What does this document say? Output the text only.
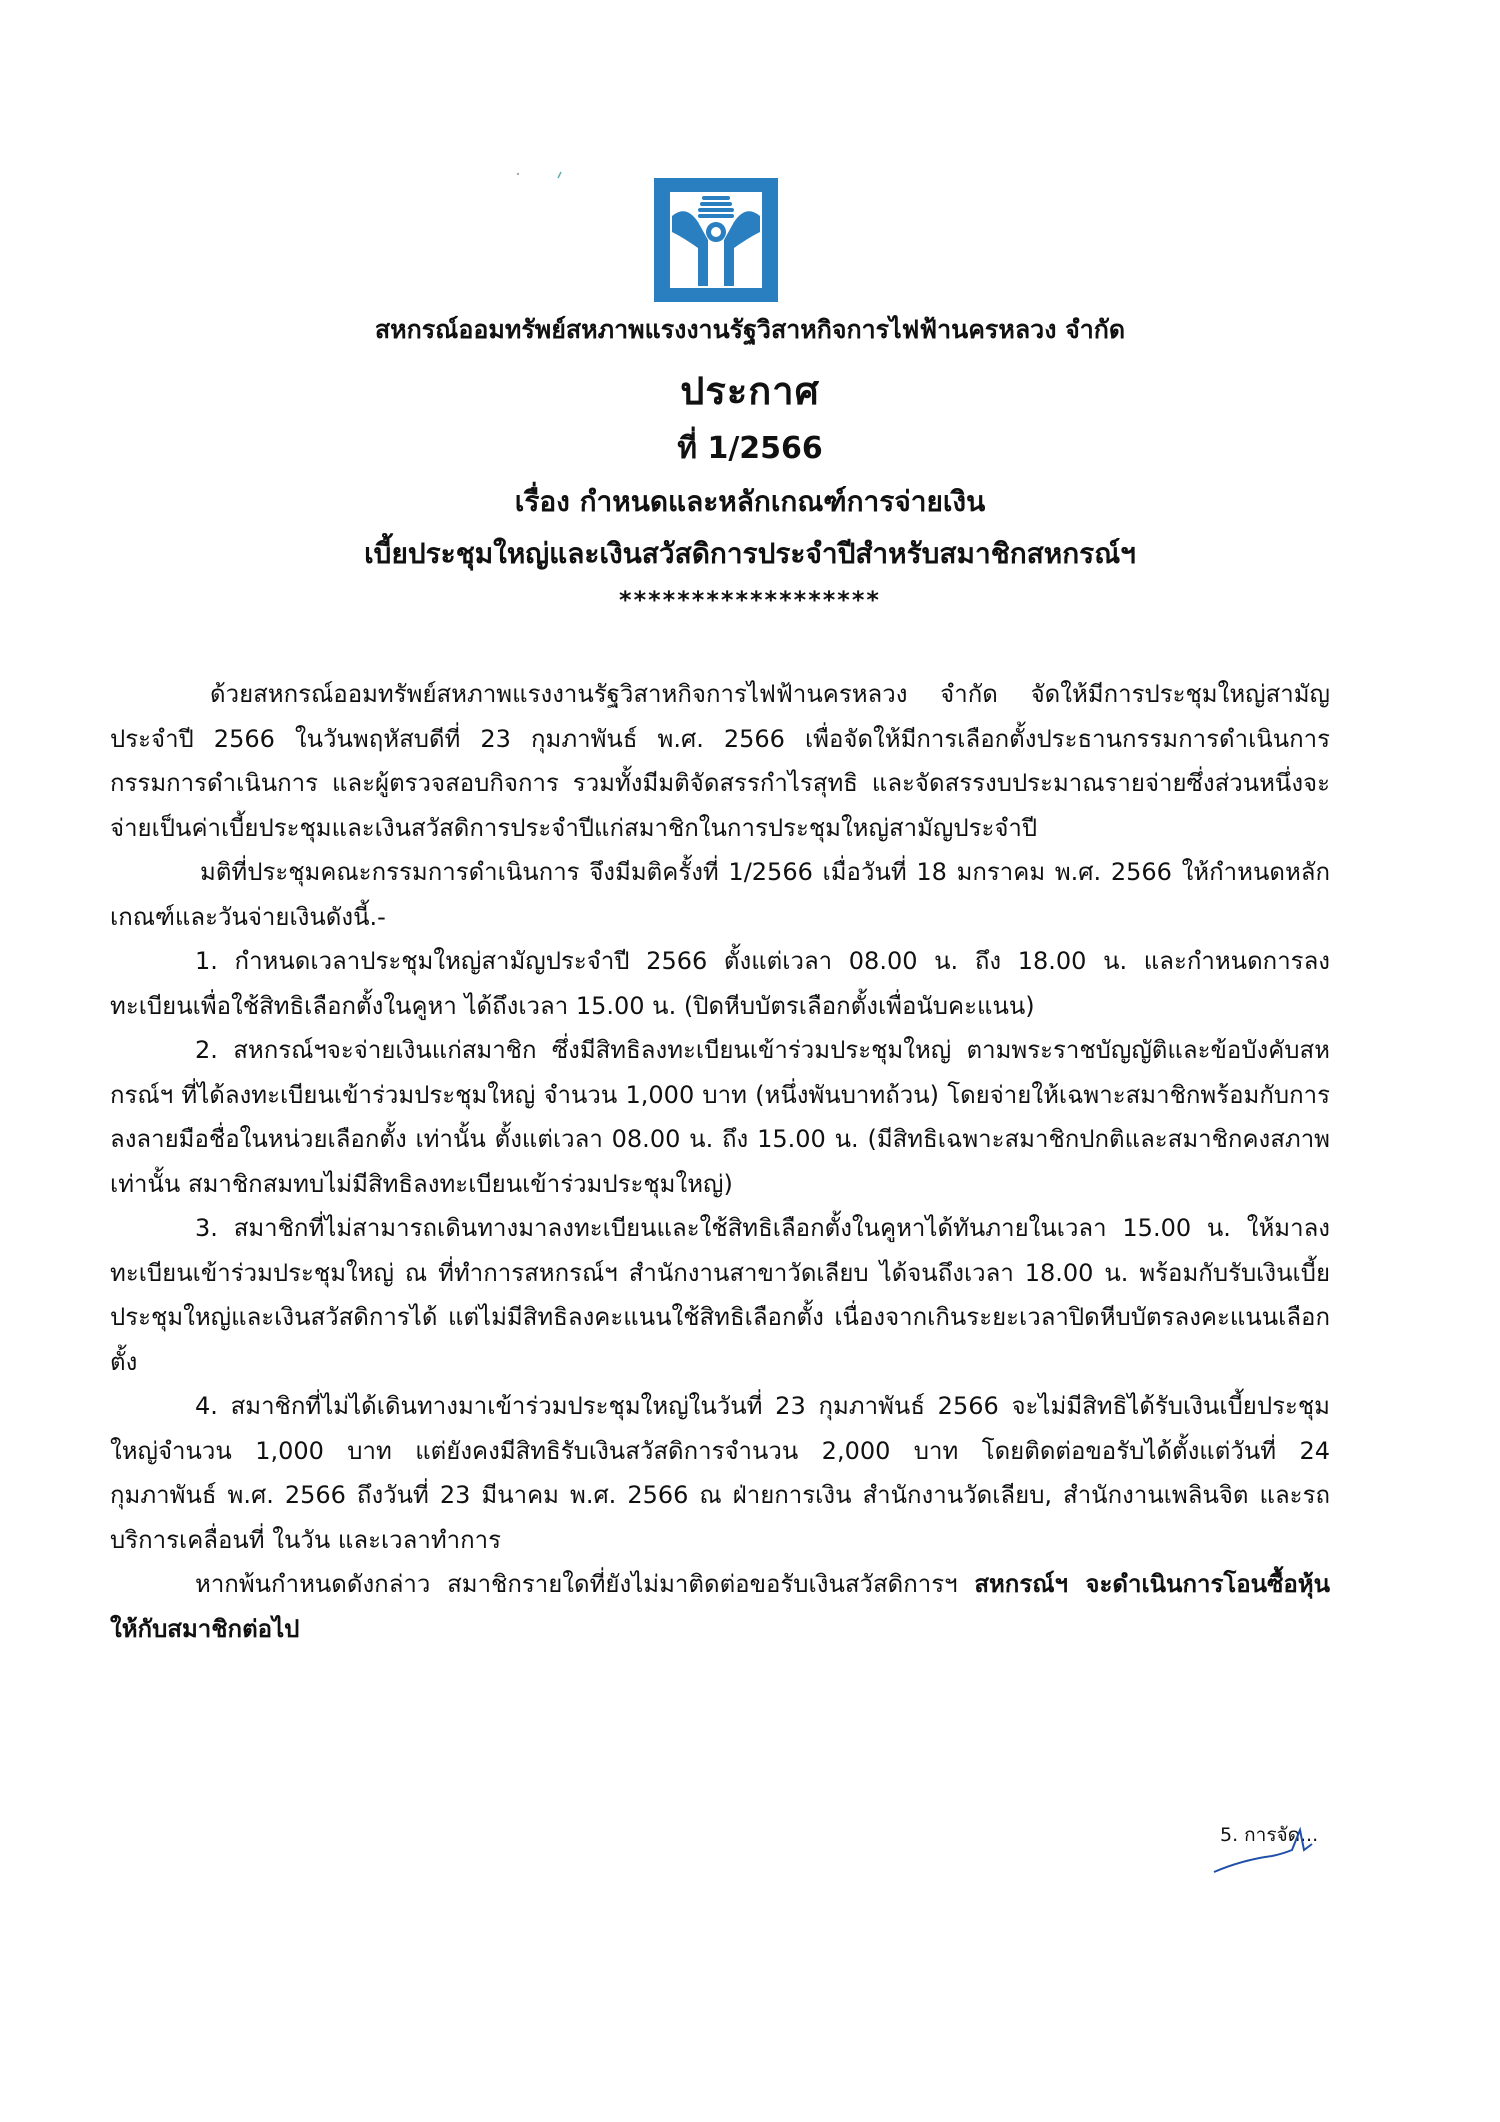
สหกรณ์ออมทรัพย์สหภาพแรงงานรัฐวิสาหกิจการไฟฟ้านครหลวง จำกัด
ประกาศ
ที่ 1/2566
เรื่อง กำหนดและหลักเกณฑ์การจ่ายเงิน
เบี้ยประชุมใหญ่และเงินสวัสดิการประจำปีสำหรับสมาชิกสหกรณ์ฯ
******************

ด้วยสหกรณ์ออมทรัพย์สหภาพแรงงานรัฐวิสาหกิจการไฟฟ้านครหลวง จำกัด จัดให้มีการประชุมใหญ่สามัญประจำปี 2566 ในวันพฤหัสบดีที่ 23 กุมภาพันธ์ พ.ศ. 2566 เพื่อจัดให้มีการเลือกตั้งประธานกรรมการดำเนินการ กรรมการดำเนินการ และผู้ตรวจสอบกิจการ รวมทั้งมีมติจัดสรรกำไรสุทธิ และจัดสรรงบประมาณรายจ่ายซึ่งส่วนหนึ่งจะจ่ายเป็นค่าเบี้ยประชุมและเงินสวัสดิการประจำปีแก่สมาชิกในการประชุมใหญ่สามัญประจำปี

มติที่ประชุมคณะกรรมการดำเนินการ จึงมีมติครั้งที่ 1/2566 เมื่อวันที่ 18 มกราคม พ.ศ. 2566 ให้กำหนดหลักเกณฑ์และวันจ่ายเงินดังนี้.-

1. กำหนดเวลาประชุมใหญ่สามัญประจำปี 2566 ตั้งแต่เวลา 08.00 น. ถึง 18.00 น. และกำหนดการลงทะเบียนเพื่อใช้สิทธิเลือกตั้งในคูหา ได้ถึงเวลา 15.00 น. (ปิดหีบบัตรเลือกตั้งเพื่อนับคะแนน)

2. สหกรณ์ฯจะจ่ายเงินแก่สมาชิก ซึ่งมีสิทธิลงทะเบียนเข้าร่วมประชุมใหญ่ ตามพระราชบัญญัติและข้อบังคับสหกรณ์ฯ ที่ได้ลงทะเบียนเข้าร่วมประชุมใหญ่ จำนวน 1,000 บาท (หนึ่งพันบาทถ้วน) โดยจ่ายให้เฉพาะสมาชิกพร้อมกับการลงลายมือชื่อในหน่วยเลือกตั้ง เท่านั้น ตั้งแต่เวลา 08.00 น. ถึง 15.00 น. (มีสิทธิเฉพาะสมาชิกปกติและสมาชิกคงสภาพเท่านั้น สมาชิกสมทบไม่มีสิทธิลงทะเบียนเข้าร่วมประชุมใหญ่)

3. สมาชิกที่ไม่สามารถเดินทางมาลงทะเบียนและใช้สิทธิเลือกตั้งในคูหาได้ทันภายในเวลา 15.00 น. ให้มาลงทะเบียนเข้าร่วมประชุมใหญ่ ณ ที่ทำการสหกรณ์ฯ สำนักงานสาขาวัดเลียบ ได้จนถึงเวลา 18.00 น. พร้อมกับรับเงินเบี้ยประชุมใหญ่และเงินสวัสดิการได้ แต่ไม่มีสิทธิลงคะแนนใช้สิทธิเลือกตั้ง เนื่องจากเกินระยะเวลาปิดหีบบัตรลงคะแนนเลือกตั้ง

4. สมาชิกที่ไม่ได้เดินทางมาเข้าร่วมประชุมใหญ่ในวันที่ 23 กุมภาพันธ์ 2566 จะไม่มีสิทธิได้รับเงินเบี้ยประชุมใหญ่จำนวน 1,000 บาท แต่ยังคงมีสิทธิรับเงินสวัสดิการจำนวน 2,000 บาท โดยติดต่อขอรับได้ตั้งแต่วันที่ 24 กุมภาพันธ์ พ.ศ. 2566 ถึงวันที่ 23 มีนาคม พ.ศ. 2566 ณ ฝ่ายการเงิน สำนักงานวัดเลียบ, สำนักงานเพลินจิต และรถบริการเคลื่อนที่ ในวัน และเวลาทำการ

หากพ้นกำหนดดังกล่าว สมาชิกรายใดที่ยังไม่มาติดต่อขอรับเงินสวัสดิการฯ สหกรณ์ฯ จะดำเนินการโอนซื้อหุ้นให้กับสมาชิกต่อไป

5. การจัด...
